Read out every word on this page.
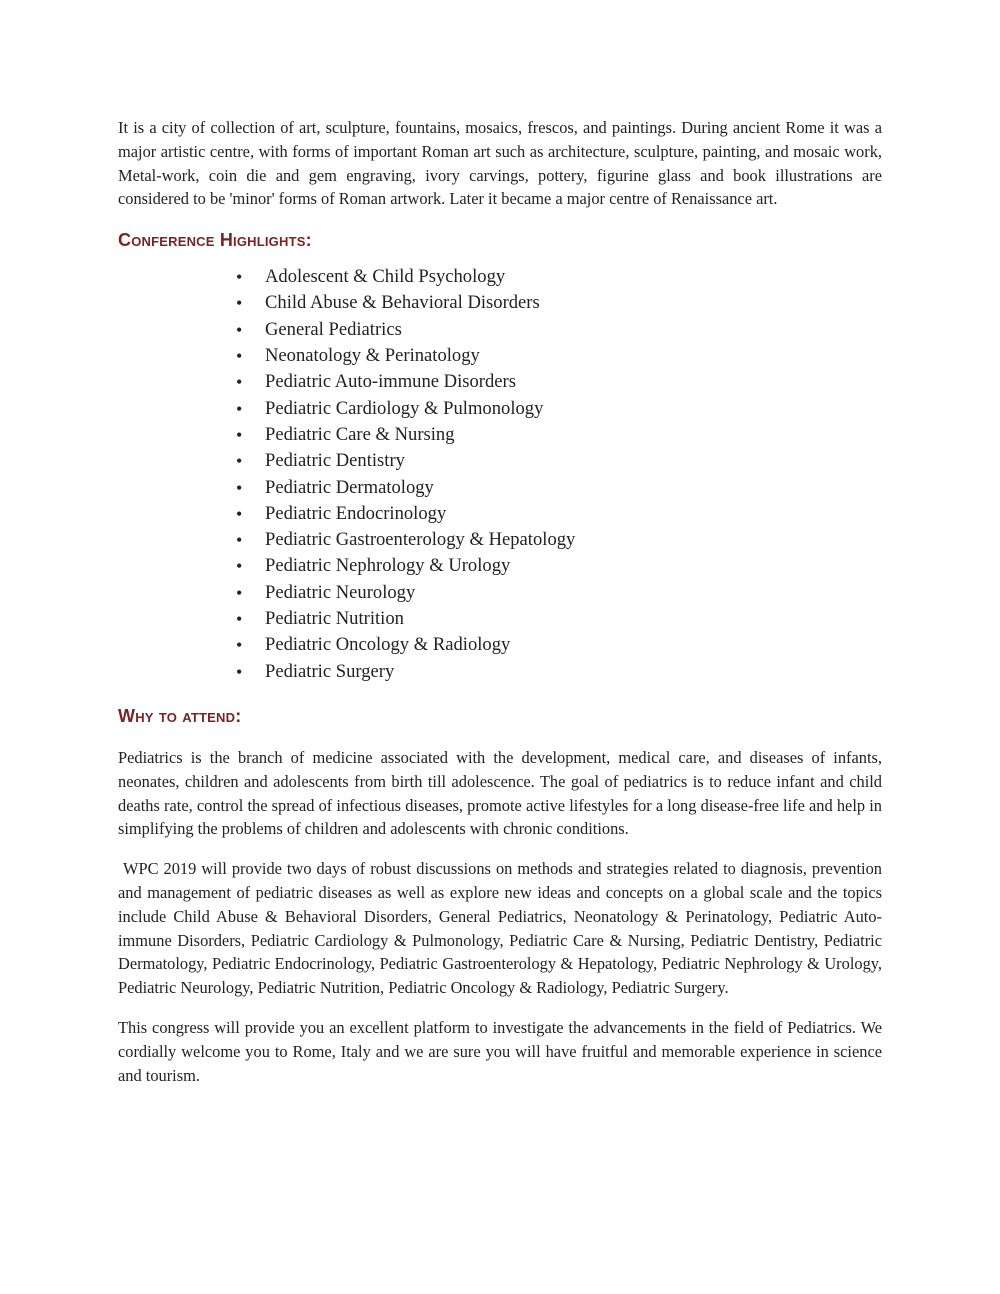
It is a city of collection of art, sculpture, fountains, mosaics, frescos, and paintings. During ancient Rome it was a major artistic centre, with forms of important Roman art such as architecture, sculpture, painting, and mosaic work, Metal-work, coin die and gem engraving, ivory carvings, pottery, figurine glass and book illustrations are considered to be 'minor' forms of Roman artwork. Later it became a major centre of Renaissance art.

Conference Highlights:
• Adolescent & Child Psychology
• Child Abuse & Behavioral Disorders
• General Pediatrics
• Neonatology & Perinatology
• Pediatric Auto-immune Disorders
• Pediatric Cardiology & Pulmonology
• Pediatric Care & Nursing
• Pediatric Dentistry
• Pediatric Dermatology
• Pediatric Endocrinology
• Pediatric Gastroenterology & Hepatology
• Pediatric Nephrology & Urology
• Pediatric Neurology
• Pediatric Nutrition
• Pediatric Oncology & Radiology
• Pediatric Surgery
Why to attend:

Pediatrics is the branch of medicine associated with the development, medical care, and diseases of infants, neonates, children and adolescents from birth till adolescence. The goal of pediatrics is to reduce infant and child deaths rate, control the spread of infectious diseases, promote active lifestyles for a long disease-free life and help in simplifying the problems of children and adolescents with chronic conditions.

WPC 2019 will provide two days of robust discussions on methods and strategies related to diagnosis, prevention and management of pediatric diseases as well as explore new ideas and concepts on a global scale and the topics include Child Abuse & Behavioral Disorders, General Pediatrics, Neonatology & Perinatology, Pediatric Auto-immune Disorders, Pediatric Cardiology & Pulmonology, Pediatric Care & Nursing, Pediatric Dentistry, Pediatric Dermatology, Pediatric Endocrinology, Pediatric Gastroenterology & Hepatology, Pediatric Nephrology & Urology, Pediatric Neurology, Pediatric Nutrition, Pediatric Oncology & Radiology, Pediatric Surgery.

This congress will provide you an excellent platform to investigate the advancements in the field of Pediatrics. We cordially welcome you to Rome, Italy and we are sure you will have fruitful and memorable experience in science and tourism.
